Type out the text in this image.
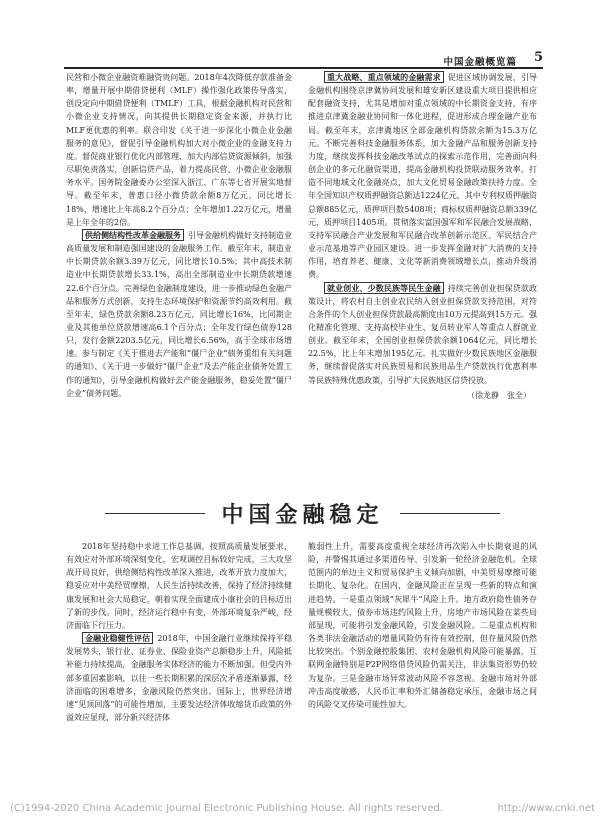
中国金融概览篇 5

民营和小微企业融资难融资贵问题。2018年4次降低存款准备金率，增量开展中期借贷便利（MLF）操作强化政策传导落实，创设定向中期借贷便利（TMLF）工具，根据金融机构对民营和小微企业支持情况，向其提供长期稳定资金来源，并执行比MLF更优惠的利率。联合印发《关于进一步深化小微企业金融服务的意见》，督促引导金融机构加大对小微企业的金融支持力度。督促商业银行优化内部管理、加大内部信贷资源倾斜，加强尽职免责落实，创新信贷产品，着力提高民营、小微企业金融服务水平。国务院金融委办公室深入浙江、广东等七省开展实地督导。截至年末，普惠口径小微贷款余额8万亿元，同比增长18%，增速比上年高8.2个百分点；全年增加1.22万亿元，增量是上年全年的2倍。

供给侧结构性改革金融服务 引导金融机构做好支持制造业高质量发展和制造强国建设的金融服务工作。截至年末，制造业中长期贷款余额3.39万亿元，同比增长10.5%；其中高技术制造业中长期贷款增长33.1%，高出全部制造业中长期贷款增速22.6个百分点。完善绿色金融制度建设，进一步推动绿色金融产品和服务方式创新，支持生态环境保护和资源节约高效利用。截至年末，绿色贷款余额8.23万亿元，同比增长16%，比同期企业及其他单位贷款增速高6.1个百分点；全年发行绿色债券128只，发行金额2203.5亿元，同比增长6.56%，高于全球市场增速。参与制定《关于推进去产能和“僵尸企业”债务重组有关问题的通知》、《关于进一步做好“僵尸企业”及去产能企业债务处置工作的通知》，引导金融机构做好去产能金融服务，稳妥处置“僵尸企业”债务问题。

重大战略、重点领域的金融需求 促进区域协调发展，引导金融机构围绕京津冀协同发展和雄安新区建设重大项目提供相应配套融资支持，尤其是增加对重点领域的中长期资金支持，有序推进京津冀金融业协同和一体化进程，促进形成合理金融产业布局。截至年末，京津冀地区全部金融机构贷款余额为15.3万亿元。不断完善科技金融服务体系，加大金融产品和服务创新支持力度，继续发挥科技金融改革试点的探索示范作用，完善面向科创企业的多元化融资渠道，提高金融机构投贷联动服务效率。打造不同地域文化金融亮点，加大文化贸易金融政策扶持力度。全年全国知识产权质押融资总额达1224亿元，其中专利权质押融资总额885亿元，质押项目数5408项；商标权质押融资总额339亿元，质押项目1405项。贯彻落实富国强军和军民融合发展战略，支持军民融合产业发展和军民融合改革创新示范区、军民结合产业示范基地等产业园区建设。进一步发挥金融对扩大消费的支持作用，培育养老、健康、文化等新消费领域增长点，推动升级消费。

就业创业、少数民族等民生金融 持续完善创业担保贷款政策设计，将农村自主创业农民纳入创业担保贷款支持范围，对符合条件的个人创业担保贷款最高额度由10万元提高到15万元。强化精准化管理、支持高校毕业生、复员转业军人等重点人群就业创业。截至年末，全国创业担保贷款余额1064亿元，同比增长22.5%，比上年末增加195亿元。扎实做好少数民族地区金融服务，继续督促落实对民族贸易和民族用品生产贷款执行优惠利率等民族特殊优惠政策，引导扩大民族地区信贷投放。

（徐龙静　张全）
中国金融稳定

2018年坚持稳中求进工作总基调，按照高质量发展要求，有效应对外部环境深刻变化，宏观调控目标较好完成，三大攻坚战开局良好，供给侧结构性改革深入推进，改革开放力度加大，稳妥应对中美经贸摩擦，人民生活持续改善，保持了经济持续健康发展和社会大局稳定，朝着实现全面建成小康社会的目标迈出了新的步伐。同时，经济运行稳中有变，外部环境复杂严峻，经济面临下行压力。

金融业稳健性评估 2018年，中国金融行业继续保持平稳发展势头，银行业、证券业、保险业资产总额稳步上升，风险抵补能力持续提高，金融服务实体经济的能力不断加强。但受内外部多重因素影响，以往一些长期积累的深层次矛盾逐渐暴露，经济面临的困难增多，金融风险仍然突出。国际上，世界经济增速“见顶回落”的可能性增加，主要发达经济体收缩货币政策的外溢效应显现，部分新兴经济体

脆弱性上升，需要高度重视全球经济再次陷入中长期衰退的风险，并警惕其通过多渠道传导、引发新一轮经济金融危机。全球范围内的单边主义和贸易保护主义倾向加剧，中美贸易摩擦可能长期化、复杂化。在国内，金融风险正在呈现一些新的特点和演进趋势。一是重点领域“灰犀牛”风险上升。地方政府隐性债务存量规模较大，债券市场违约风险上升，房地产市场风险在某些局部显现，可能将引发金融风险，引发金融风险。二是重点机构和各类非法金融活动的增量风险仍有待有效控制，但存量风险仍然比较突出。个别金融控股集团、农村金融机构风险可能暴露，互联网金融特别是P2P网络借贷风险仍需关注，非法集资形势仍较为复杂。三是金融市场异常波动风险不容忽视。金融市场对外部冲击高度敏感，人民币汇率和外汇储备稳定承压，金融市场之间的风险交叉传染可能性加大。

(C)1994-2020 China Academic Journal Electronic Publishing House. All rights reserved.	http://www.cnki.net
